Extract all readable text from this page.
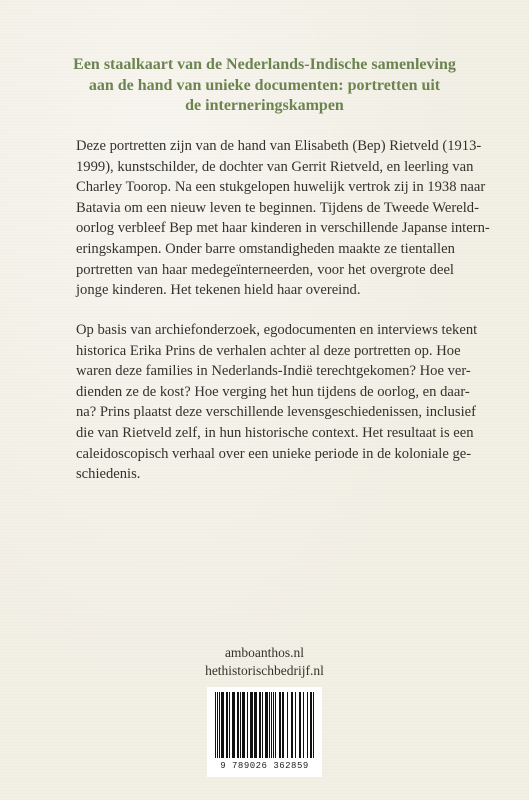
Een staalkaart van de Nederlands-Indische samenleving
aan de hand van unieke documenten: portretten uit
de interneringskampen
Deze portretten zijn van de hand van Elisabeth (Bep) Rietveld (1913-
1999), kunstschilder, de dochter van Gerrit Rietveld, en leerling van
Charley Toorop. Na een stukgelopen huwelijk vertrok zij in 1938 naar
Batavia om een nieuw leven te beginnen. Tijdens de Tweede Wereld-
oorlog verbleef Bep met haar kinderen in verschillende Japanse intern-
eringskampen. Onder barre omstandigheden maakte ze tientallen
portretten van haar medegeïnterneerden, voor het overgrote deel
jonge kinderen. Het tekenen hield haar overeind.
Op basis van archiefonderzoek, egodocumenten en interviews tekent
historica Erika Prins de verhalen achter al deze portretten op. Hoe
waren deze families in Nederlands-Indië terechtgekomen? Hoe ver-
dienden ze de kost? Hoe verging het hun tijdens de oorlog, en daar-
na? Prins plaatst deze verschillende levensgeschiedenissen, inclusief
die van Rietveld zelf, in hun historische context. Het resultaat is een
caleidoscopisch verhaal over een unieke periode in de koloniale ge-
schiedenis.
amboanthos.nl
hethistorischbedrijf.nl
9 789026 362859
